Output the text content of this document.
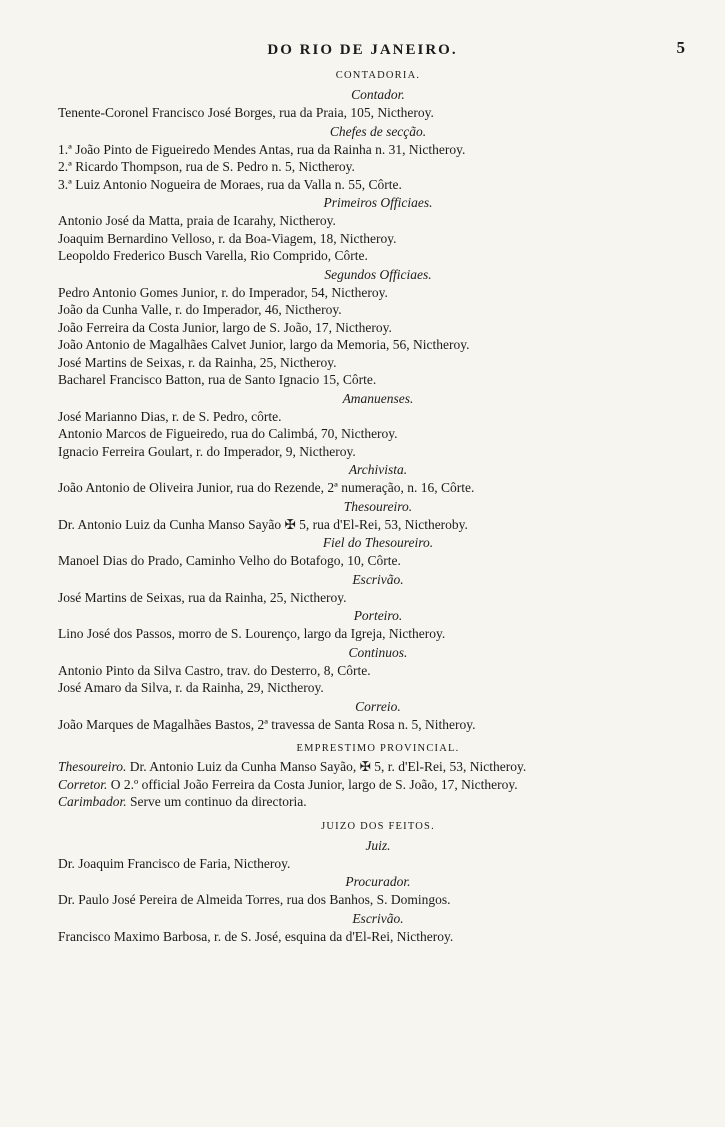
DO RIO DE JANEIRO.	5
CONTADORIA.
Contador.
Tenente-Coronel Francisco José Borges, rua da Praia, 105, Nictheroy.
Chefes de secção.
1.ª João Pinto de Figueiredo Mendes Antas, rua da Rainha n. 31, Nictheroy.
2.ª Ricardo Thompson, rua de S. Pedro n. 5, Nictheroy.
3.ª Luiz Antonio Nogueira de Moraes, rua da Valla n. 55, Côrte.
Primeiros Officiaes.
Antonio José da Matta, praia de Icarahy, Nictheroy.
Joaquim Bernardino Velloso, r. da Boa-Viagem, 18, Nictheroy.
Leopoldo Frederico Busch Varella, Rio Comprido, Côrte.
Segundos Officiaes.
Pedro Antonio Gomes Junior, r. do Imperador, 54, Nictheroy.
João da Cunha Valle, r. do Imperador, 46, Nictheroy.
João Ferreira da Costa Junior, largo de S. João, 17, Nictheroy.
João Antonio de Magalhães Calvet Junior, largo da Memoria, 56, Nictheroy.
José Martins de Seixas, r. da Rainha, 25, Nictheroy.
Bacharel Francisco Batton, rua de Santo Ignacio 15, Côrte.
Amanuenses.
José Marianno Dias, r. de S. Pedro, côrte.
Antonio Marcos de Figueiredo, rua do Calimbá, 70, Nictheroy.
Ignacio Ferreira Goulart, r. do Imperador, 9, Nictheroy.
Archivista.
João Antonio de Oliveira Junior, rua do Rezende, 2ª numeração, n. 16, Côrte.
Thesoureiro.
Dr. Antonio Luiz da Cunha Manso Sayão ✠ 5, rua d'El-Rei, 53, Nictheroby.
Fiel do Thesoureiro.
Manoel Dias do Prado, Caminho Velho do Botafogo, 10, Côrte.
Escrivão.
José Martins de Seixas, rua da Rainha, 25, Nictheroy.
Porteiro.
Lino José dos Passos, morro de S. Lourenço, largo da Igreja, Nictheroy.
Continuos.
Antonio Pinto da Silva Castro, trav. do Desterro, 8, Côrte.
José Amaro da Silva, r. da Rainha, 29, Nictheroy.
Correio.
João Marques de Magalhães Bastos, 2ª travessa de Santa Rosa n. 5, Nitheroy.
EMPRESTIMO PROVINCIAL.
Thesoureiro. Dr. Antonio Luiz da Cunha Manso Sayão, ✠ 5, r. d'El-Rei, 53, Nictheroy.
Corretor. O 2.º official João Ferreira da Costa Junior, largo de S. João, 17, Nictheroy.
Carimbador. Serve um continuo da directoria.
JUIZO DOS FEITOS.
Juiz.
Dr. Joaquim Francisco de Faria, Nictheroy.
Procurador.
Dr. Paulo José Pereira de Almeida Torres, rua dos Banhos, S. Domingos.
Escrivão.
Francisco Maximo Barbosa, r. de S. José, esquina da d'El-Rei, Nictheroy.
